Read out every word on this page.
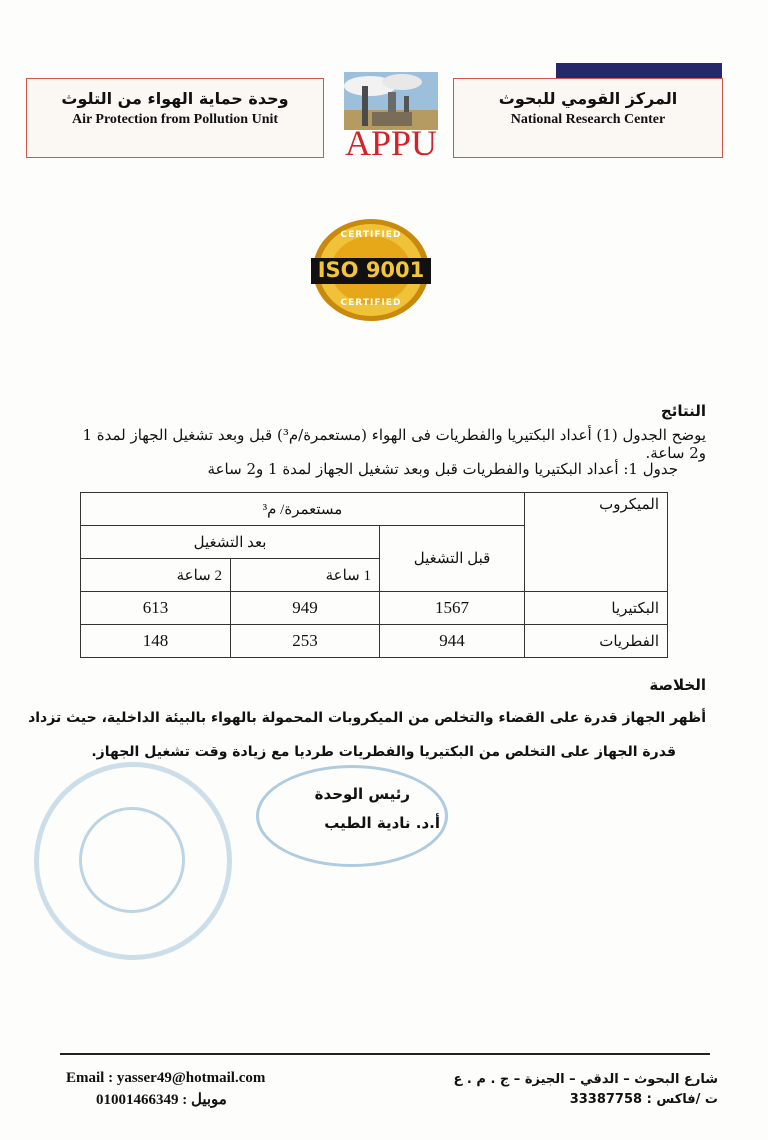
المركز القومي للبحوث
National Research Center
وحدة حماية الهواء من التلوث
Air Protection from Pollution Unit
APPU
CERTIFIED
ISO 9001
CERTIFIED
النتائج
يوضح الجدول (1) أعداد البكتيريا والفطريات فى الهواء (مستعمرة/م³) قبل وبعد تشغيل الجهاز لمدة 1 و2 ساعة.
جدول 1: أعداد البكتيريا والفطريات قبل وبعد تشغيل الجهاز لمدة 1 و2 ساعة
الميكروب	مستعمرة/ م³		
	قبل التشغيل	بعد التشغيل	
		1 ساعة	2 ساعة
البكتيريا	1567	949	613
الفطريات	944	253	148
الخلاصة
أظهر الجهاز قدرة على القضاء والتخلص من الميكروبات المحمولة بالهواء بالبيئة الداخلية، حيث تزداد
قدرة الجهاز على التخلص من البكتيريا والفطريات طرديا مع زيادة وقت تشغيل الجهاز.
رئيس الوحدة
أ.د. نادية الطيب
Email : yasser49@hotmail.com
موبيل : 01001466349
شارع البحوث – الدقي – الجيزة – ج . م . ع
ت /فاكس : 33387758
